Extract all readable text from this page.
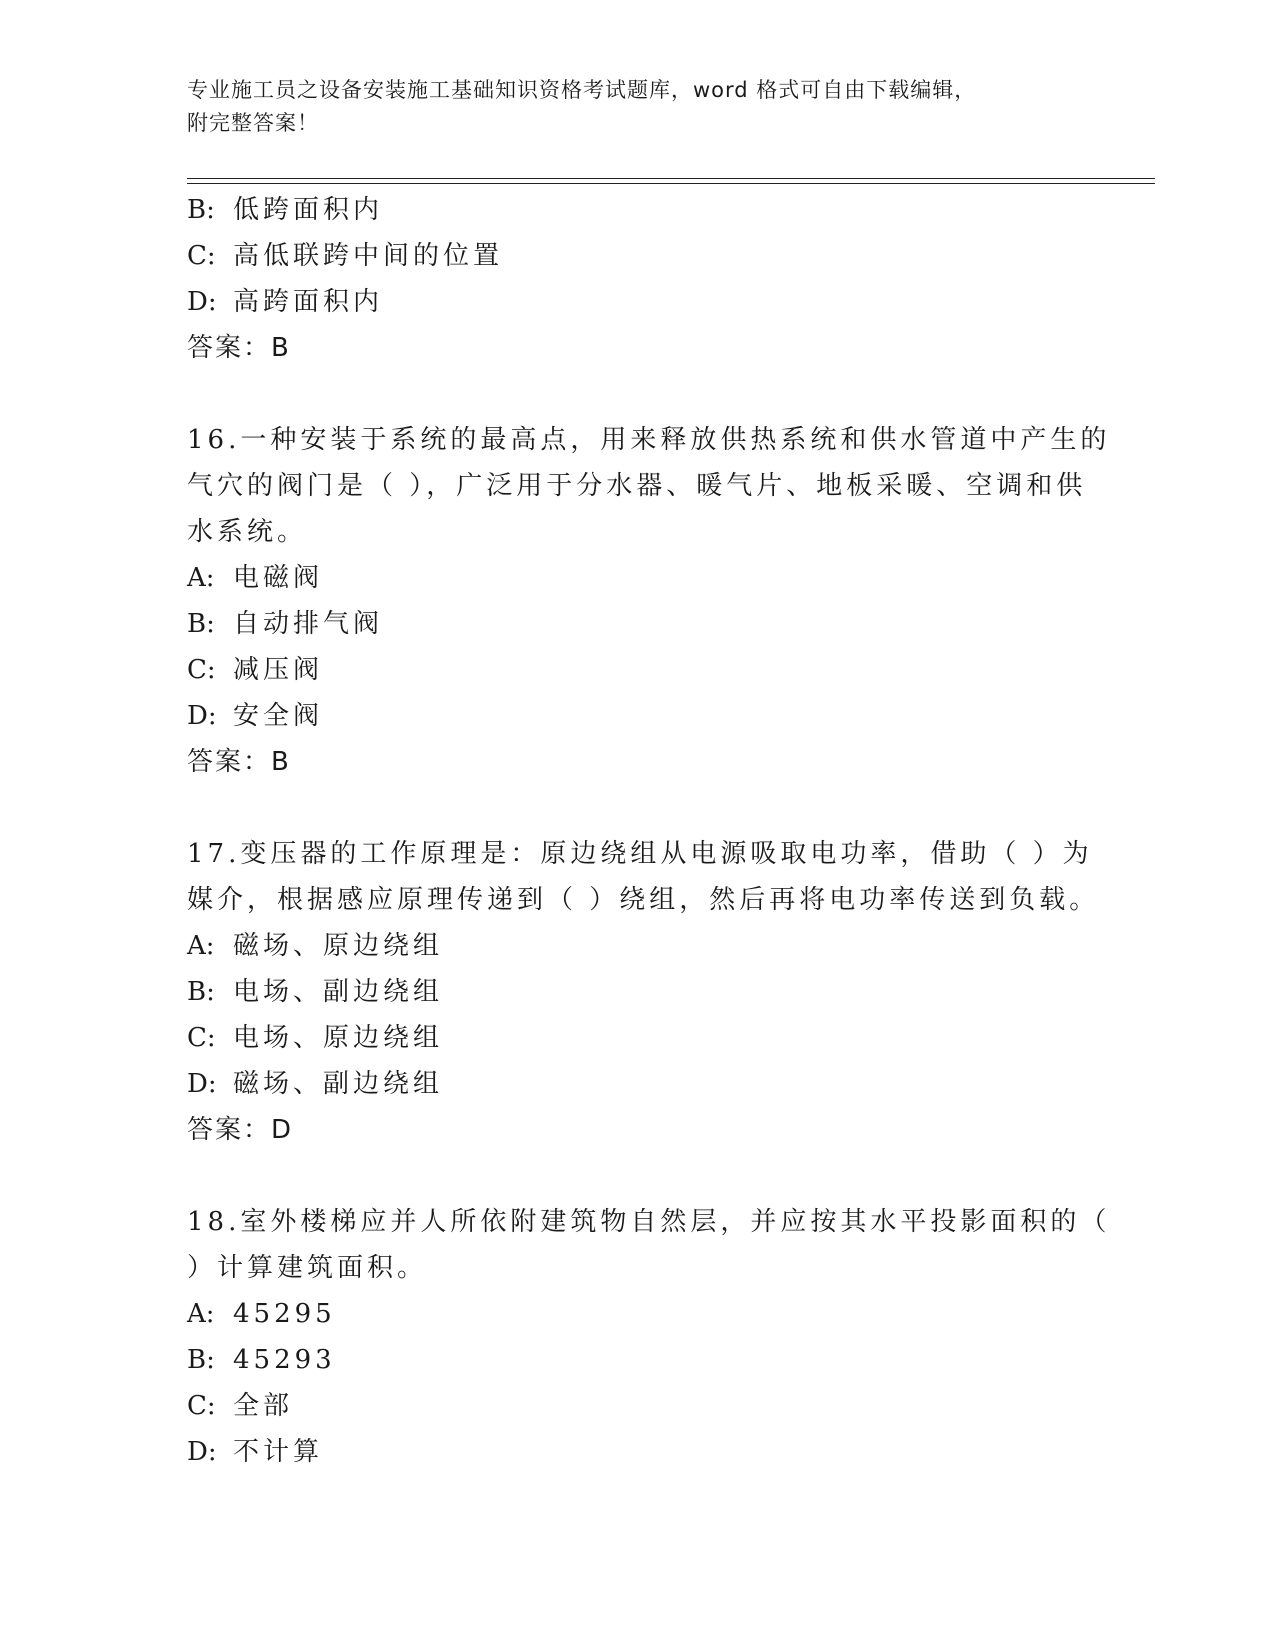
专业施工员之设备安装施工基础知识资格考试题库，word 格式可自由下载编辑，
附完整答案！
B: 低跨面积内
C: 高低联跨中间的位置
D: 高跨面积内
答案：B
16.一种安装于系统的最高点，用来释放供热系统和供水管道中产生的
气穴的阀门是（ ），广泛用于分水器、暖气片、地板采暖、空调和供
水系统。
A: 电磁阀
B: 自动排气阀
C: 减压阀
D: 安全阀
答案：B
17.变压器的工作原理是：原边绕组从电源吸取电功率，借助（ ）为
媒介，根据感应原理传递到（ ）绕组，然后再将电功率传送到负载。
A: 磁场、原边绕组
B: 电场、副边绕组
C: 电场、原边绕组
D: 磁场、副边绕组
答案：D
18.室外楼梯应并人所依附建筑物自然层，并应按其水平投影面积的（
）计算建筑面积。
A: 45295
B: 45293
C: 全部
D: 不计算
